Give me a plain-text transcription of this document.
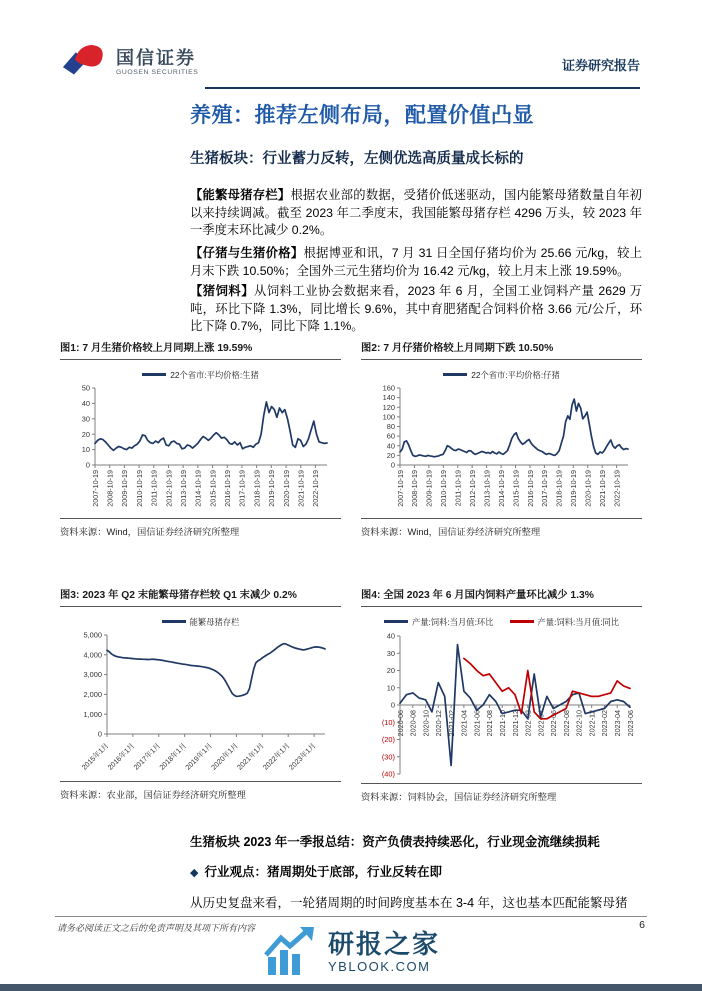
国信证券
GUOSEN SECURITIES	证券研究报告
养殖：推荐左侧布局，配置价值凸显
生猪板块：行业蓄力反转，左侧优选高质量成长标的

【能繁母猪存栏】根据农业部的数据，受猪价低迷驱动，国内能繁母猪数量自年初以来持续调减。截至 2023 年二季度末，我国能繁母猪存栏 4296 万头，较 2023 年一季度末环比减少 0.2%。

【仔猪与生猪价格】根据博亚和讯，7 月 31 日全国仔猪均价为 25.66 元/kg，较上月末下跌 10.50%；全国外三元生猪均价为 16.42 元/kg，较上月末上涨 19.59%。

【猪饲料】从饲料工业协会数据来看，2023 年 6 月，全国工业饲料产量 2629 万吨，环比下降 1.3%，同比增长 9.6%，其中育肥猪配合饲料价格 3.66 元/公斤，环比下降 0.7%，同比下降 1.1%。

图1: 7 月生猪价格较上月同期上涨 19.59%
22个省市:平均价格:生猪
0
10
20
30
40
50
2007-10-19 2008-10-19 2009-10-19 2010-10-19 2011-10-19 2012-10-19 2013-10-19 2014-10-19 2015-10-19 2016-10-19 2017-10-19 2018-10-19 2019-10-19 2020-10-19 2021-10-19 2022-10-19
资料来源：Wind，国信证券经济研究所整理
图2: 7 月仔猪价格较上月同期下跌 10.50%
22个省市:平均价格:仔猪
0
20
40
60
80
100
120
140
160
2007-10-19 2008-10-19 2009-10-19 2010-10-19 2011-10-19 2012-10-19 2013-10-19 2014-10-19 2015-10-19 2016-10-19 2017-10-19 2018-10-19 2019-10-19 2020-10-19 2021-10-19 2022-10-19
资料来源：Wind，国信证券经济研究所整理
图3: 2023 年 Q2 末能繁母猪存栏较 Q1 末减少 0.2%
能繁母猪存栏
0
1,000
2,000
3,000
4,000
5,000
2015年1月
2016年1月
2017年1月
2018年1月
2019年1月
2020年1月
2021年1月
2022年1月
2023年1月
资料来源：农业部，国信证券经济研究所整理
图4: 全国 2023 年 6 月国内饲料产量环比减少 1.3%
产量:饲料:当月值:环比	产量:饲料:当月值:同比
(40)
(30)
(20)
(10)
0
10
20
30
40
2020-06 2020-08 2020-10 2020-12 2021-02 2021-04 2021-06 2021-08 2021-10 2021-12 2022-02 2022-04 2022-06 2022-08 2022-10 2022-12 2023-02 2023-04 2023-06
资料来源：饲料协会，国信证券经济研究所整理
生猪板块 2023 年一季报总结：资产负债表持续恶化，行业现金流继续损耗
◆ 行业观点：猪周期处于底部，行业反转在即
从历史复盘来看，一轮猪周期的时间跨度基本在 3-4 年，这也基本匹配能繁母猪
请务必阅读正文之后的免责声明及其项下所有内容	6
研报之家
YBLOOK.COM
